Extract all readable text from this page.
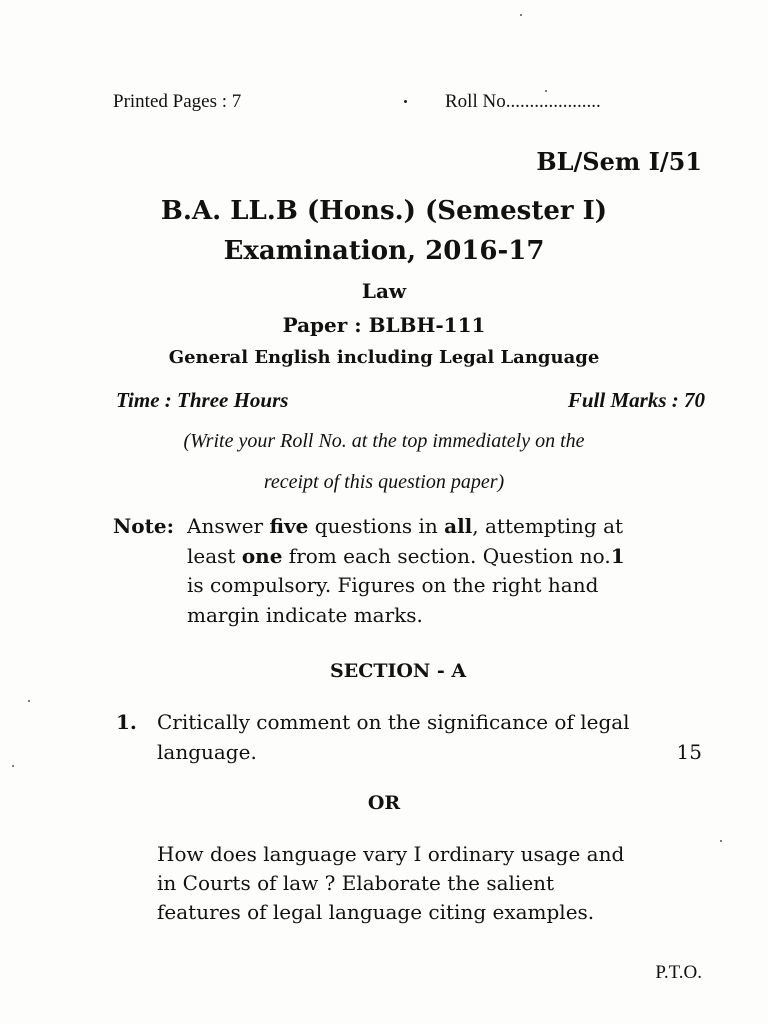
Printed Pages : 7	Roll No....................
BL/Sem I/51
B.A. LL.B (Hons.) (Semester I)
Examination, 2016-17
Law
Paper : BLBH-111
General English including Legal Language
Time : Three Hours	Full Marks : 70
(Write your Roll No. at the top immediately on the
receipt of this question paper)
Note: Answer five questions in all, attempting at
least one from each section. Question no.1
is compulsory. Figures on the right hand
margin indicate marks.
SECTION - A
1. Critically comment on the significance of legal
language.	15
OR
How does language vary I ordinary usage and
in Courts of law ? Elaborate the salient
features of legal language citing examples.
P.T.O.
